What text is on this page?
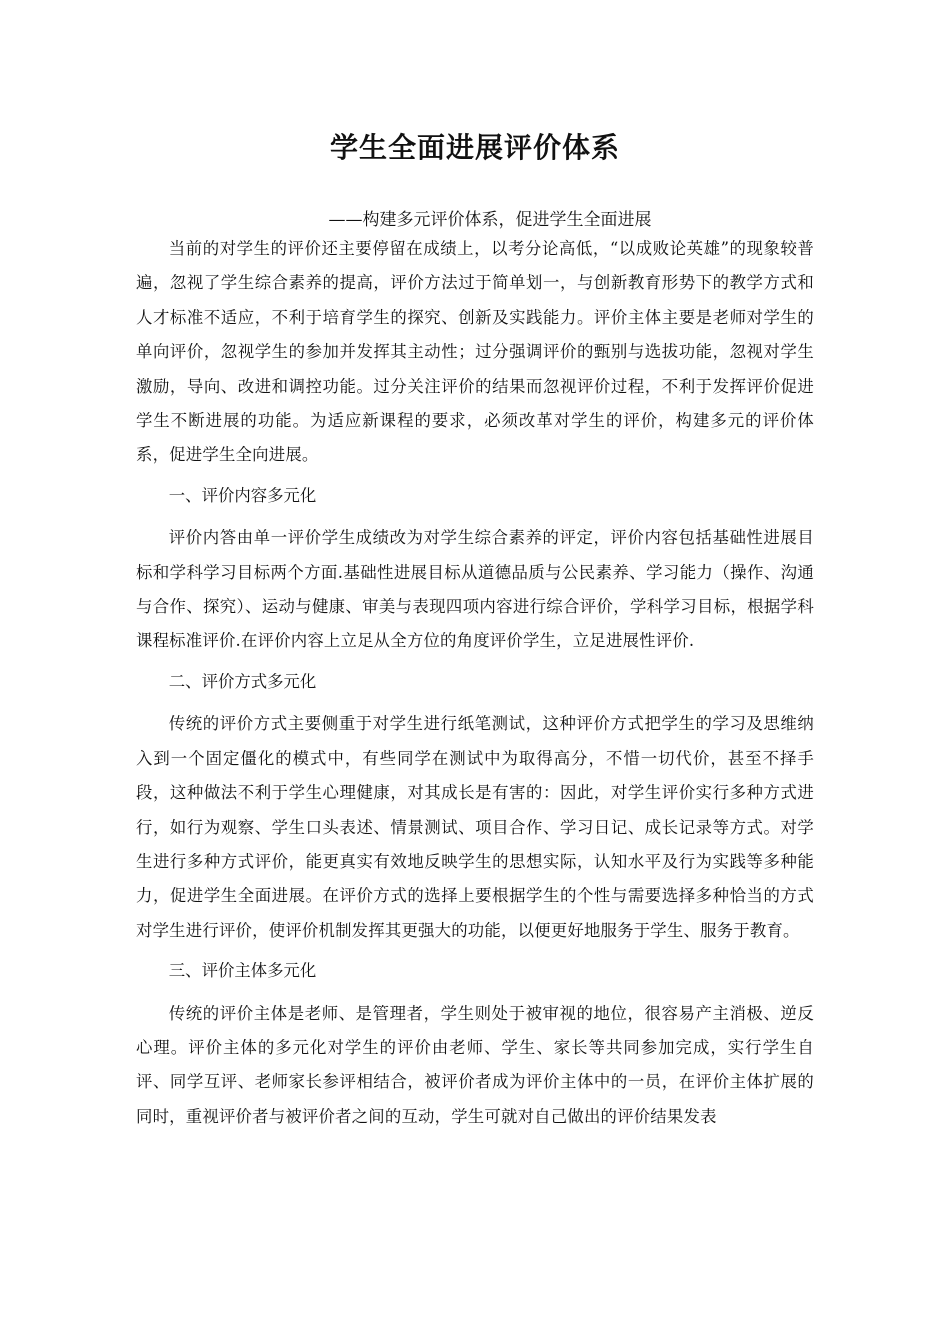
学生全面进展评价体系

——构建多元评价体系，促进学生全面进展

当前的对学生的评价还主要停留在成绩上，以考分论高低，“以成败论英雄”的现象较普遍，忽视了学生综合素养的提高，评价方法过于简单划一，与创新教育形势下的教学方式和人才标准不适应，不利于培育学生的探究、创新及实践能力。评价主体主要是老师对学生的单向评价，忽视学生的参加并发挥其主动性；过分强调评价的甄别与选拔功能，忽视对学生激励，导向、改进和调控功能。过分关注评价的结果而忽视评价过程，不利于发挥评价促进学生不断进展的功能。为适应新课程的要求，必须改革对学生的评价，构建多元的评价体系，促进学生全向进展。

一、评价内容多元化

评价内答由单一评价学生成绩改为对学生综合素养的评定，评价内容包括基础性进展目标和学科学习目标两个方面.基础性进展目标从道德品质与公民素养、学习能力（操作、沟通与合作、探究）、运动与健康、审美与表现四项内容进行综合评价，学科学习目标，根据学科课程标准评价.在评价内容上立足从全方位的角度评价学生，立足进展性评价.

二、评价方式多元化

传统的评价方式主要侧重于对学生进行纸笔测试，这种评价方式把学生的学习及思维纳入到一个固定僵化的模式中，有些同学在测试中为取得高分，不惜一切代价，甚至不择手段，这种做法不利于学生心理健康，对其成长是有害的：因此，对学生评价实行多种方式进行，如行为观察、学生口头表述、情景测试、项目合作、学习日记、成长记录等方式。对学生进行多种方式评价，能更真实有效地反映学生的思想实际，认知水平及行为实践等多种能力，促进学生全面进展。在评价方式的选择上要根据学生的个性与需要选择多种恰当的方式对学生进行评价，使评价机制发挥其更强大的功能，以便更好地服务于学生、服务于教育。

三、评价主体多元化

传统的评价主体是老师、是管理者，学生则处于被审视的地位，很容易产主消极、逆反心理。评价主体的多元化对学生的评价由老师、学生、家长等共同参加完成，实行学生自评、同学互评、老师家长参评相结合，被评价者成为评价主体中的一员，在评价主体扩展的同时，重视评价者与被评价者之间的互动，学生可就对自己做出的评价结果发表
